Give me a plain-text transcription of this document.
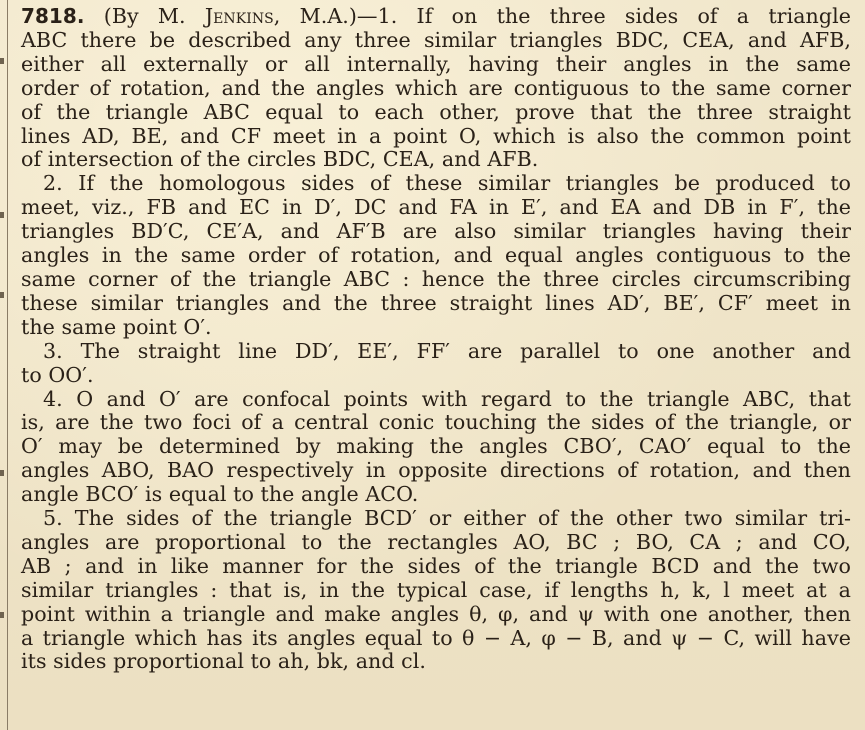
7818. (By M. Jenkins, M.A.)—1. If on the three sides of a triangle
ABC there be described any three similar triangles BDC, CEA, and AFB,
either all externally or all internally, having their angles in the same
order of rotation, and the angles which are contiguous to the same corner
of the triangle ABC equal to each other, prove that the three straight
lines AD, BE, and CF meet in a point O, which is also the common point
of intersection of the circles BDC, CEA, and AFB.
2. If the homologous sides of these similar triangles be produced to
meet, viz., FB and EC in D′, DC and FA in E′, and EA and DB in F′, the
triangles BD′C, CE′A, and AF′B are also similar triangles having their
angles in the same order of rotation, and equal angles contiguous to the
same corner of the triangle ABC : hence the three circles circumscribing
these similar triangles and the three straight lines AD′, BE′, CF′ meet in
the same point O′.
3. The straight line DD′, EE′, FF′ are parallel to one another and
to OO′.
4. O and O′ are confocal points with regard to the triangle ABC, that
is, are the two foci of a central conic touching the sides of the triangle, or
O′ may be determined by making the angles CBO′, CAO′ equal to the
angles ABO, BAO respectively in opposite directions of rotation, and then
angle BCO′ is equal to the angle ACO.
5. The sides of the triangle BCD′ or either of the other two similar tri-
angles are proportional to the rectangles AO, BC ; BO, CA ; and CO,
AB ; and in like manner for the sides of the triangle BCD and the two
similar triangles : that is, in the typical case, if lengths h, k, l meet at a
point within a triangle and make angles θ, φ, and ψ with one another, then
a triangle which has its angles equal to θ − A, φ − B, and ψ − C, will have
its sides proportional to ah, bk, and cl.
